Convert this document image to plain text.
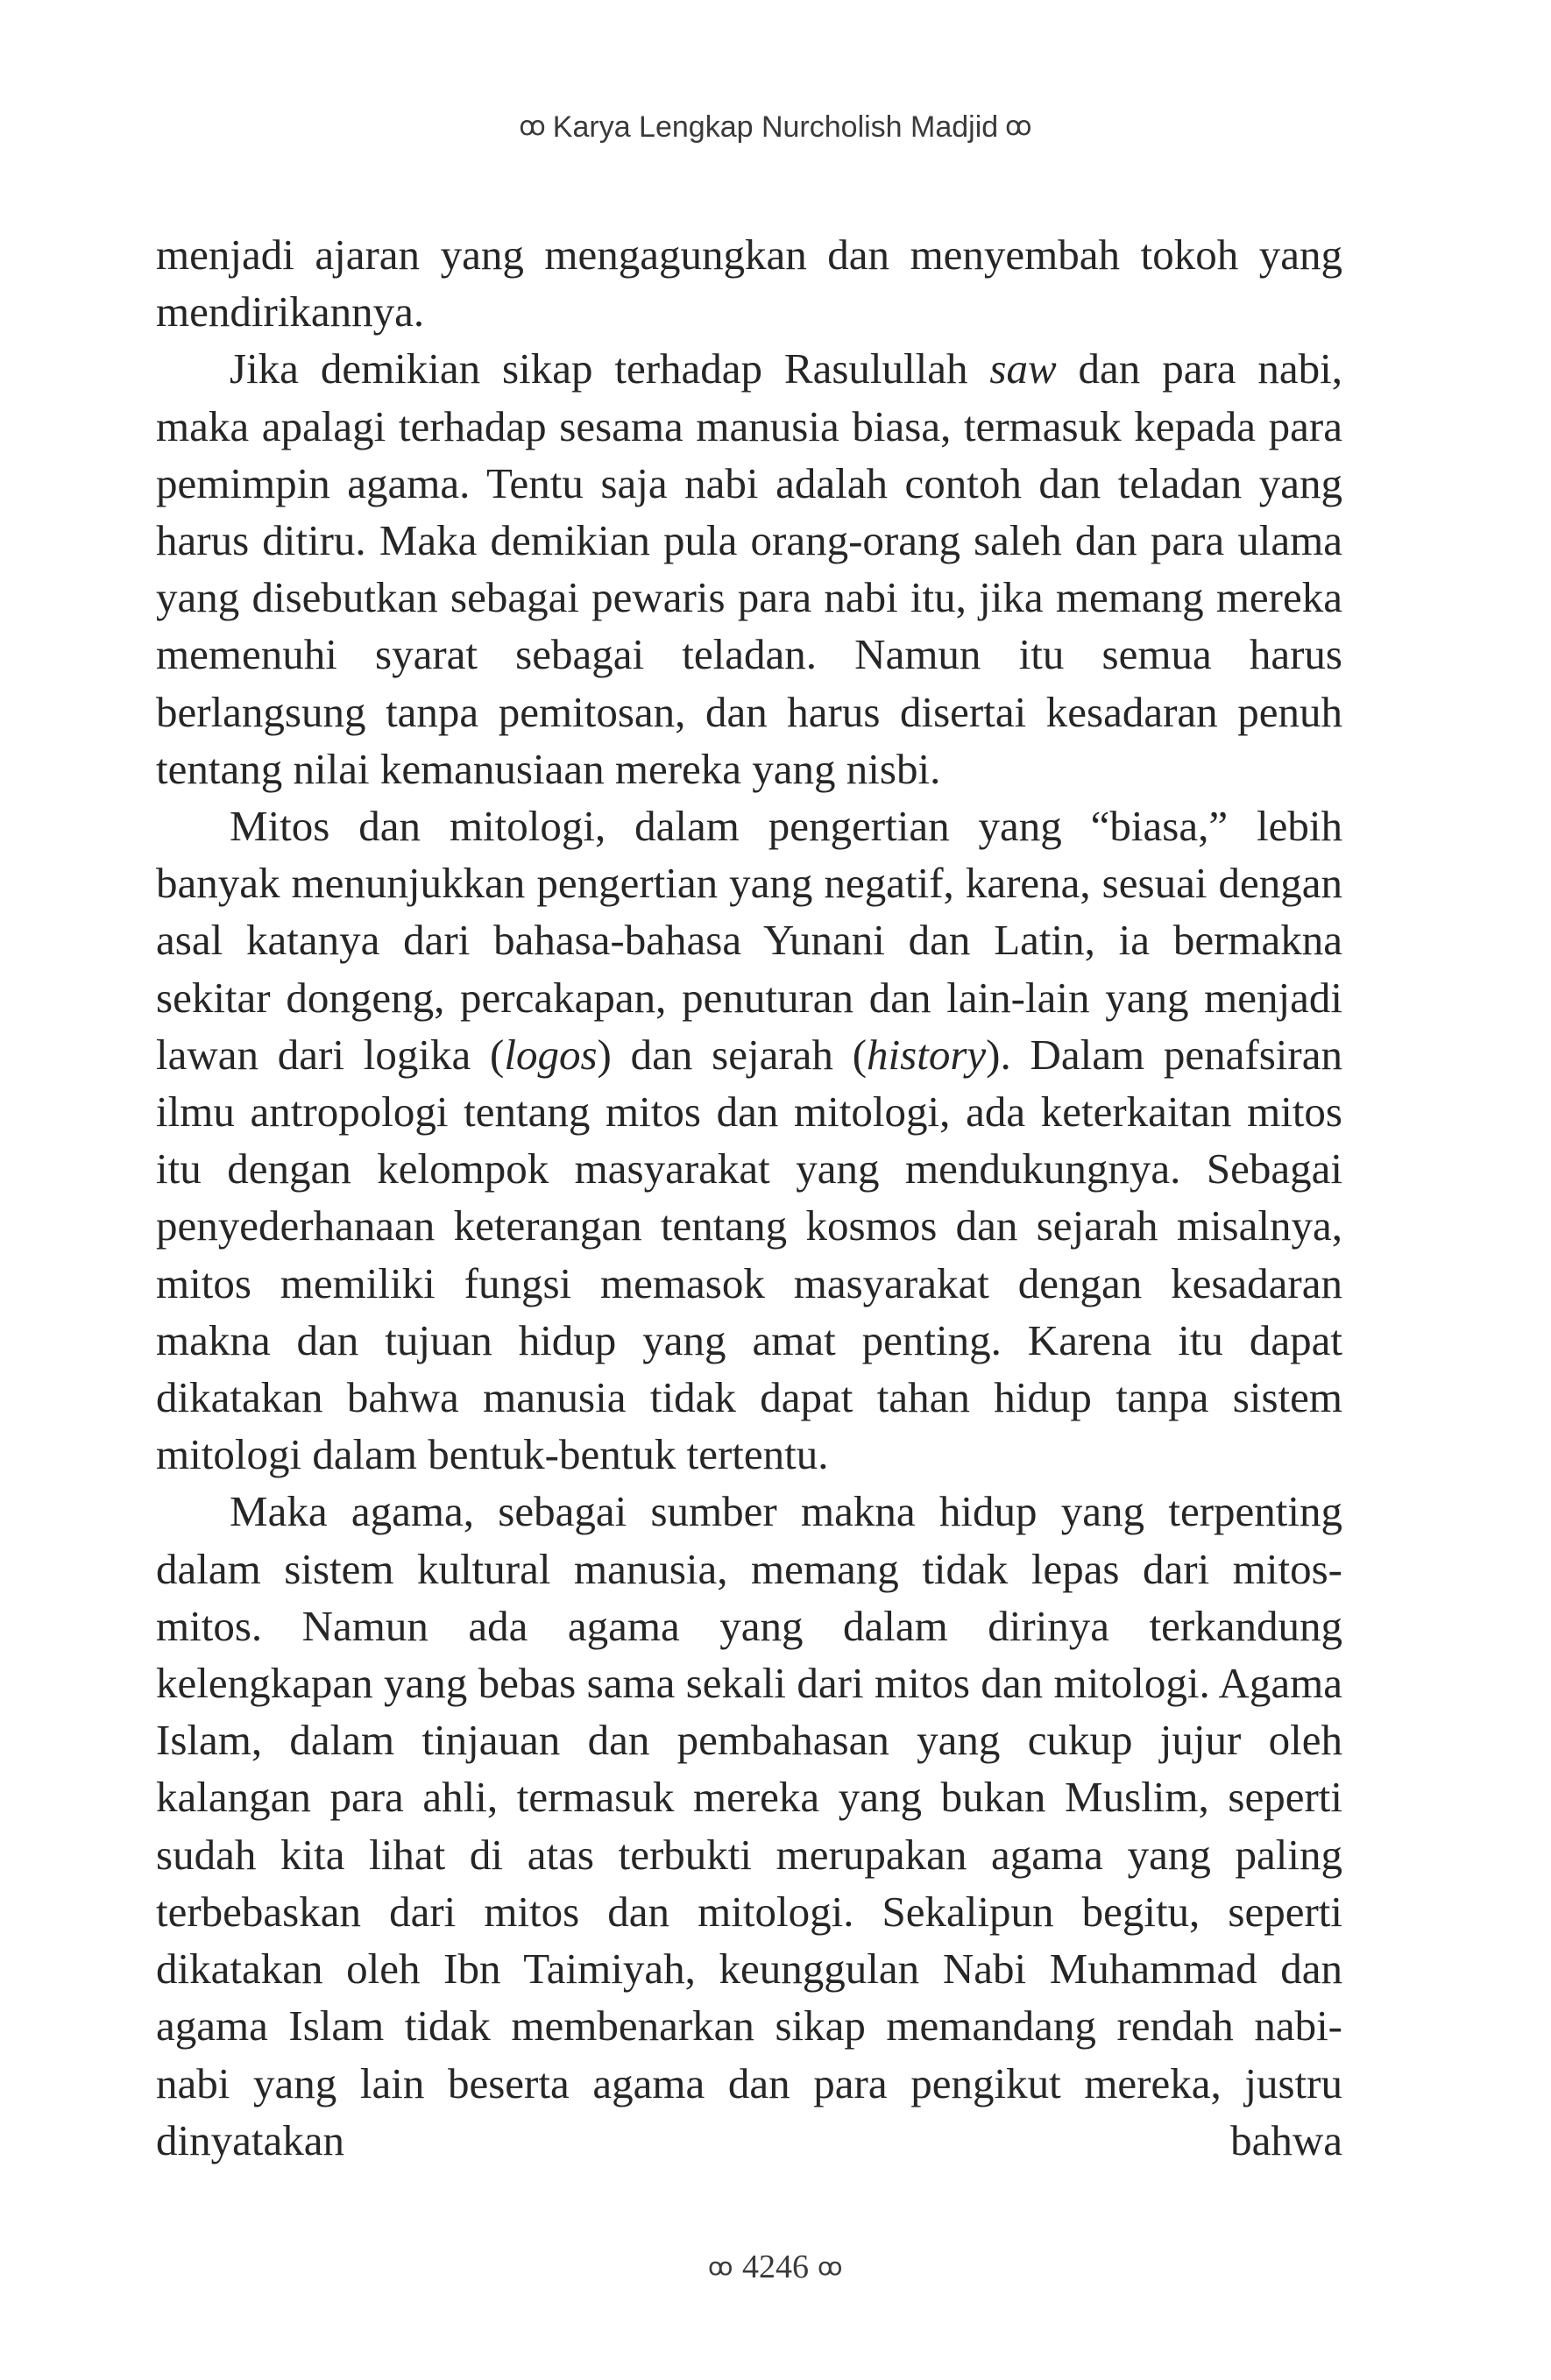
ꝏ Karya Lengkap Nurcholish Madjid ꝏ

menjadi ajaran yang mengagungkan dan menyembah tokoh yang mendirikannya.

Jika demikian sikap terhadap Rasulullah saw dan para nabi, maka apalagi terhadap sesama manusia biasa, termasuk kepada para pemimpin agama. Tentu saja nabi adalah contoh dan teladan yang harus ditiru. Maka demikian pula orang-orang saleh dan para ulama yang disebutkan sebagai pewaris para nabi itu, jika memang mereka memenuhi syarat sebagai teladan. Namun itu semua harus berlangsung tanpa pemitosan, dan harus disertai kesadaran penuh tentang nilai kemanusiaan mereka yang nisbi.

Mitos dan mitologi, dalam pengertian yang “biasa,” lebih banyak menunjukkan pengertian yang negatif, karena, sesuai dengan asal katanya dari bahasa-bahasa Yunani dan Latin, ia bermakna sekitar dongeng, percakapan, penuturan dan lain-lain yang menjadi lawan dari logika (logos) dan sejarah (history). Dalam penafsiran ilmu antropologi tentang mitos dan mitologi, ada keterkaitan mitos itu dengan kelompok masyarakat yang mendukungnya. Sebagai penyederhanaan keterangan tentang kosmos dan sejarah misalnya, mitos memiliki fungsi memasok masyarakat dengan kesadaran makna dan tujuan hidup yang amat penting. Karena itu dapat dikatakan bahwa manusia tidak dapat tahan hidup tanpa sistem mitologi dalam bentuk-bentuk tertentu.

Maka agama, sebagai sumber makna hidup yang terpenting dalam sistem kultural manusia, memang tidak lepas dari mitos-mitos. Namun ada agama yang dalam dirinya terkandung kelengkapan yang bebas sama sekali dari mitos dan mitologi. Agama Islam, dalam tinjauan dan pembahasan yang cukup jujur oleh kalangan para ahli, termasuk mereka yang bukan Muslim, seperti sudah kita lihat di atas terbukti merupakan agama yang paling terbebaskan dari mitos dan mitologi. Sekalipun begitu, seperti dikatakan oleh Ibn Taimiyah, keunggulan Nabi Muhammad dan agama Islam tidak membenarkan sikap memandang rendah nabi-nabi yang lain beserta agama dan para pengikut mereka, justru dinyatakan bahwa

ꝏ 4246 ꝏ
